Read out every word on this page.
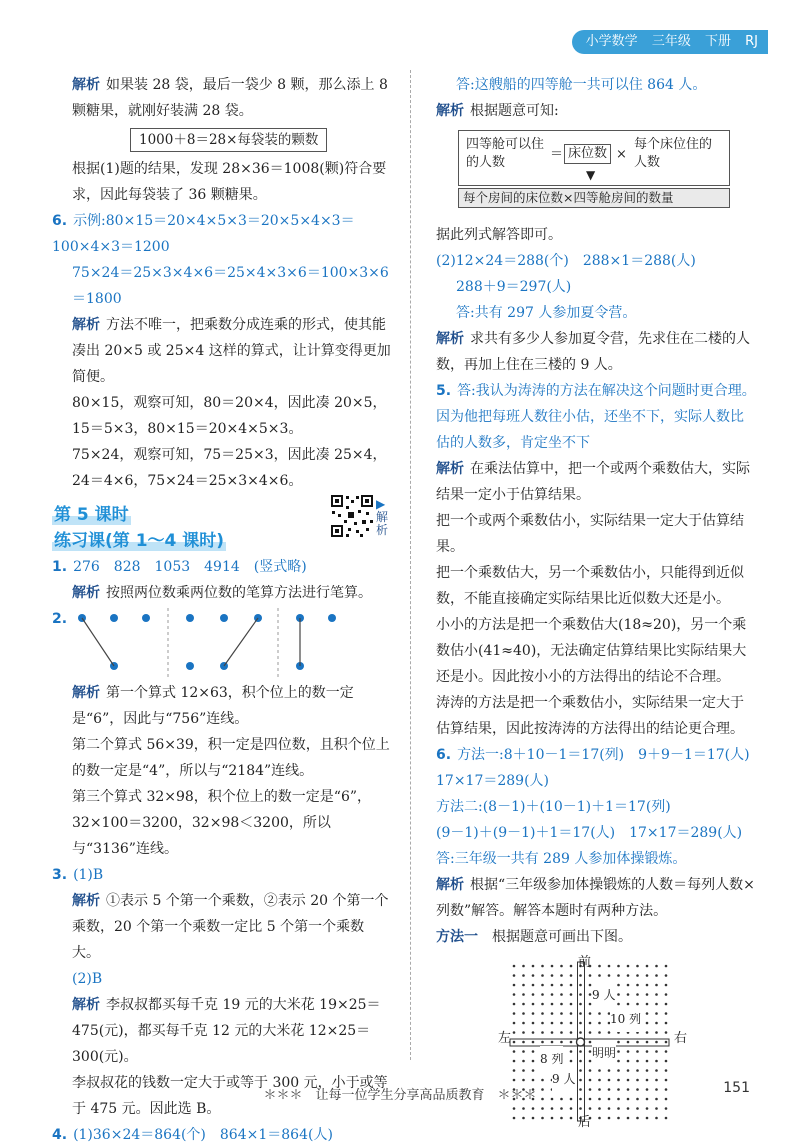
小学数学 三年级 下册 RJ

解析 如果装 28 袋，最后一袋少 8 颗，那么添上 8 颗糖果，就刚好装满 28 袋。

1000＋8＝28×每袋装的颗数

根据(1)题的结果，发现 28×36＝1008(颗)符合要求，因此每袋装了 36 颗糖果。

6. 示例:80×15＝20×4×5×3＝20×5×4×3＝100×4×3＝1200

75×24＝25×3×4×6＝25×4×3×6＝100×3×6＝1800

解析 方法不唯一，把乘数分成连乘的形式，使其能凑出 20×5 或 25×4 这样的算式，让计算变得更加简便。

80×15，观察可知，80＝20×4，因此凑 20×5，15＝5×3，80×15＝20×4×5×3。

75×24，观察可知，75＝25×3，因此凑 25×4，24＝4×6，75×24＝25×3×4×6。

第 5 课时
练习课(第 1～4 课时)

1. 276　828　1053　4914　(竖式略)

解析 按照两位数乘两位数的笔算方法进行笔算。

2.

解析 第一个算式 12×63，积个位上的数一定是“6”，因此与“756”连线。

第二个算式 56×39，积一定是四位数，且积个位上的数一定是“4”，所以与“2184”连线。

第三个算式 32×98，积个位上的数一定是“6”，32×100＝3200，32×98＜3200，所以与“3136”连线。

3. (1)B

解析 ①表示 5 个第一个乘数，②表示 20 个第一个乘数，20 个第一个乘数一定比 5 个第一个乘数大。

(2)B

解析 李叔叔都买每千克 19 元的大米花 19×25＝475(元)，都买每千克 12 元的大米花 12×25＝300(元)。

李叔叔花的钱数一定大于或等于 300 元，小于或等于 475 元。因此选 B。

4. (1)36×24＝864(个)　864×1＝864(人)

▶解析

答:这艘船的四等舱一共可以住 864 人。

解析 根据题意可知:

四等舱可以住的人数
＝ 床位数 ×
每个床位住的人数
▼
每个房间的床位数×四等舱房间的数量

据此列式解答即可。

(2)12×24＝288(个)　288×1＝288(人)

288＋9＝297(人)

答:共有 297 人参加夏令营。

解析 求共有多少人参加夏令营，先求住在二楼的人数，再加上住在三楼的 9 人。

5. 答:我认为涛涛的方法在解决这个问题时更合理。因为他把每班人数往小估，还坐不下，实际人数比估的人数多，肯定坐不下

解析 在乘法估算中，把一个或两个乘数估大，实际结果一定小于估算结果。

把一个或两个乘数估小，实际结果一定大于估算结果。

把一个乘数估大，另一个乘数估小，只能得到近似数，不能直接确定实际结果比近似数大还是小。

小小的方法是把一个乘数估大(18≈20)，另一个乘数估小(41≈40)，无法确定估算结果比实际结果大还是小。因此按小小的方法得出的结论不合理。

涛涛的方法是把一个乘数估小，实际结果一定大于估算结果，因此按涛涛的方法得出的结论更合理。

6. 方法一:8＋10－1＝17(列)　9＋9－1＝17(人)

17×17＝289(人)

方法二:(8－1)＋(10－1)＋1＝17(列)

(9－1)＋(9－1)＋1＝17(人)　17×17＝289(人)

答:三年级一共有 289 人参加体操锻炼。

解析 根据“三年级参加体操锻炼的人数＝每列人数×列数”解答。解答本题时有两种方法。

方法一　 根据题意可画出下图。

前
后
左	右
9 人
10 列
8 列 明明
9 人
＊＊＊　让每一位学生分享高品质教育　＊＊＊	151
